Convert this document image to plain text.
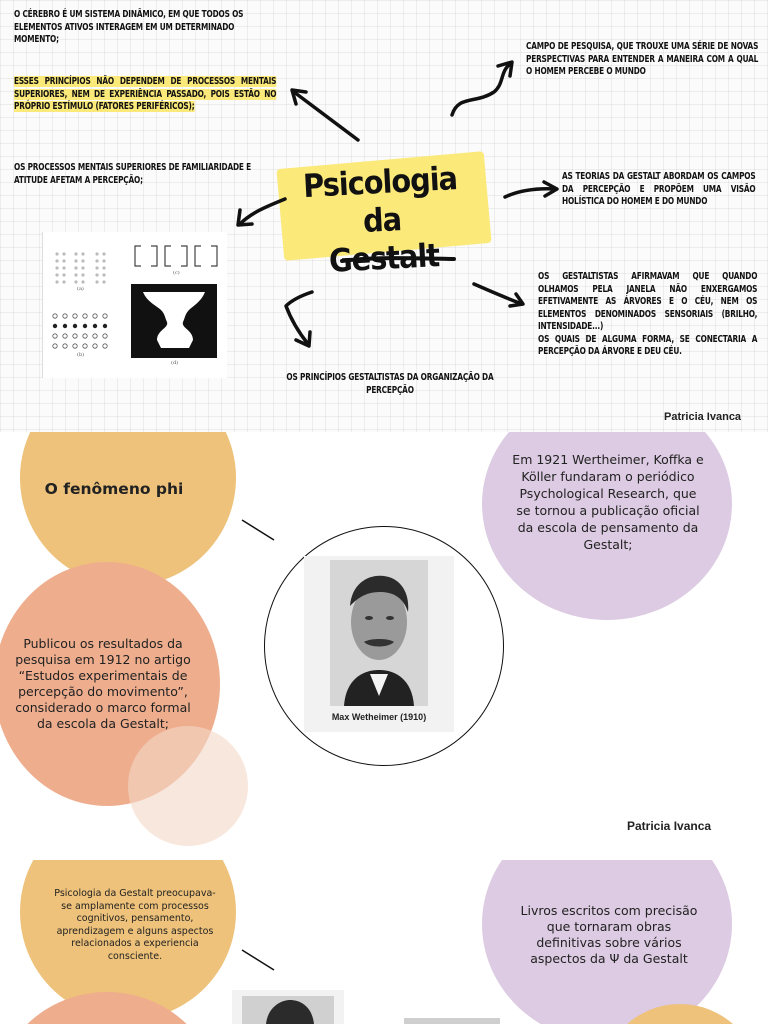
O CÉREBRO É UM SISTEMA DINÂMICO, EM QUE TODOS OS ELEMENTOS ATIVOS INTERAGEM EM UM DETERMINADO MOMENTO;
ESSES PRINCÍPIOS NÃO DEPENDEM DE PROCESSOS MENTAIS SUPERIORES, NEM DE EXPERIÊNCIA PASSADO, POIS ESTÃO NO PRÓPRIO ESTÍMULO (FATORES PERIFÉRICOS);
OS PROCESSOS MENTAIS SUPERIORES DE FAMILIARIDADE E ATITUDE AFETAM A PERCEPÇÃO;
CAMPO DE PESQUISA, QUE TROUXE UMA SÉRIE DE NOVAS PERSPECTIVAS PARA ENTENDER A MANEIRA COM A QUAL O HOMEM PERCEBE O MUNDO
AS TEORIAS DA GESTALT ABORDAM OS CAMPOS DA PERCEPÇÃO E PROPÕEM UMA VISÃO HOLÍSTICA DO HOMEM E DO MUNDO
OS GESTALTISTAS AFIRMAVAM QUE QUANDO OLHAMOS PELA JANELA NÃO ENXERGAMOS EFETIVAMENTE AS ÁRVORES E O CÉU, NEM OS ELEMENTOS DENOMINADOS SENSORIAIS (BRILHO, INTENSIDADE...)
OS QUAIS DE ALGUMA FORMA, SE CONECTARIA A PERCEPÇÃO DA ÁRVORE E DEU CÉU.
OS PRINCÍPIOS GESTALTISTAS DA ORGANIZAÇÃO DA PERCEPÇÃO
Psicologia da
Gestalt
(a)
(b)
(c)
(d)
Patricia Ivanca
O fenômeno phi
Publicou os resultados da pesquisa em 1912 no artigo “Estudos experimentais de percepção do movimento”, considerado o marco formal da escola da Gestalt;
Em 1921 Wertheimer, Koffka e Köller fundaram o periódico Psychological Research, que se tornou a publicação oficial da escola de pensamento da Gestalt;
Max Wetheimer (1910)
Patricia Ivanca
Psicologia da Gestalt preocupava-se amplamente com processos cognitivos, pensamento, aprendizagem e alguns aspectos relacionados a experiencia consciente.
Livros escritos com precisão que tornaram obras definitivas sobre vários aspectos da Ψ da Gestalt
